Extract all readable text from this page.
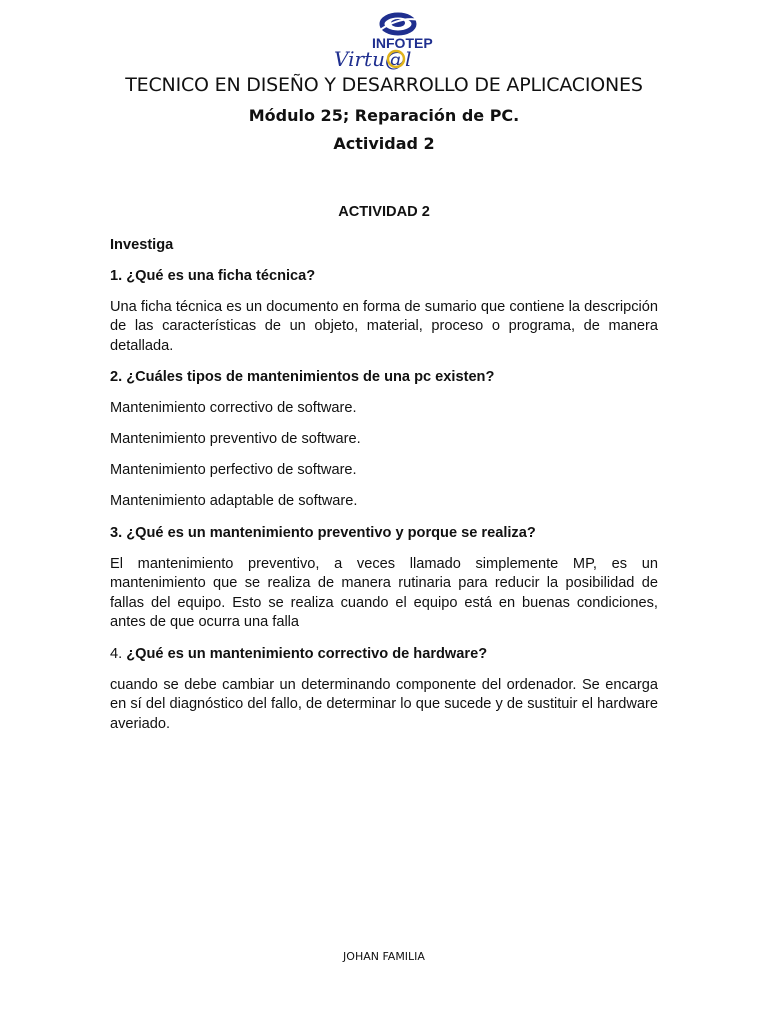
INFOTEP
Virtu@l
TECNICO EN DISEÑO Y DESARROLLO DE APLICACIONES
Módulo 25; Reparación de PC.
Actividad 2

ACTIVIDAD 2

Investiga

1. ¿Qué es una ficha técnica?

Una ficha técnica es un documento en forma de sumario que contiene la descripción de las características de un objeto, material, proceso o programa, de manera detallada.

2. ¿Cuáles tipos de mantenimientos de una pc existen?

Mantenimiento correctivo de software.

Mantenimiento preventivo de software.

Mantenimiento perfectivo de software.

Mantenimiento adaptable de software.

3. ¿Qué es un mantenimiento preventivo y porque se realiza?

El mantenimiento preventivo, a veces llamado simplemente MP, es un mantenimiento que se realiza de manera rutinaria para reducir la posibilidad de fallas del equipo. Esto se realiza cuando el equipo está en buenas condiciones, antes de que ocurra una falla

4. ¿Qué es un mantenimiento correctivo de hardware?

cuando se debe cambiar un determinando componente del ordenador. Se encarga en sí del diagnóstico del fallo, de determinar lo que sucede y de sustituir el hardware averiado.

JOHAN FAMILIA
